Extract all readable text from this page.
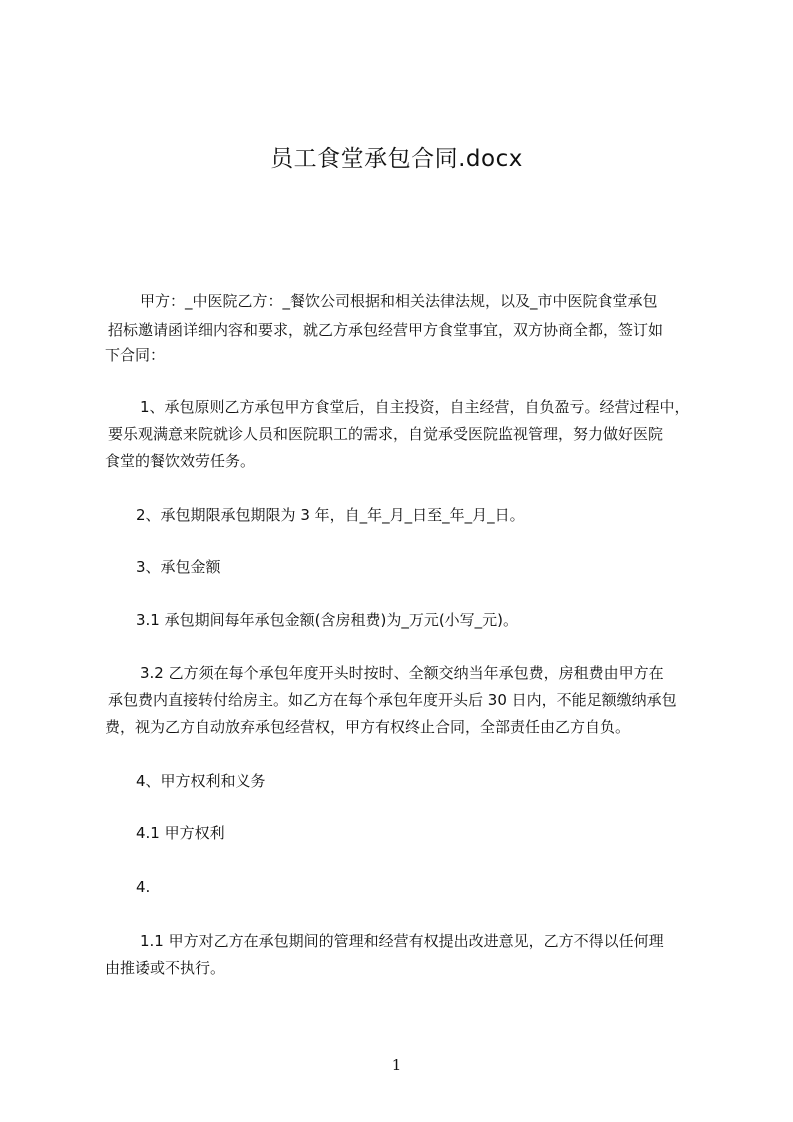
员工食堂承包合同.docx
甲方：_中医院乙方：_餐饮公司根据和相关法律法规，以及_市中医院食堂承包
招标邀请函详细内容和要求，就乙方承包经营甲方食堂事宜，双方协商全都，签订如
下合同：
1、承包原则乙方承包甲方食堂后，自主投资，自主经营，自负盈亏。经营过程中，
要乐观满意来院就诊人员和医院职工的需求，自觉承受医院监视管理，努力做好医院
食堂的餐饮效劳任务。
2、承包期限承包期限为 3 年，自_年_月_日至_年_月_日。
3、承包金额
3.1 承包期间每年承包金额(含房租费)为_万元(小写_元)。
3.2 乙方须在每个承包年度开头时按时、全额交纳当年承包费，房租费由甲方在
承包费内直接转付给房主。如乙方在每个承包年度开头后 30 日内，不能足额缴纳承包
费，视为乙方自动放弃承包经营权，甲方有权终止合同，全部责任由乙方自负。
4、甲方权利和义务
4.1 甲方权利
4.
1.1 甲方对乙方在承包期间的管理和经营有权提出改进意见，乙方不得以任何理
由推诿或不执行。
1
